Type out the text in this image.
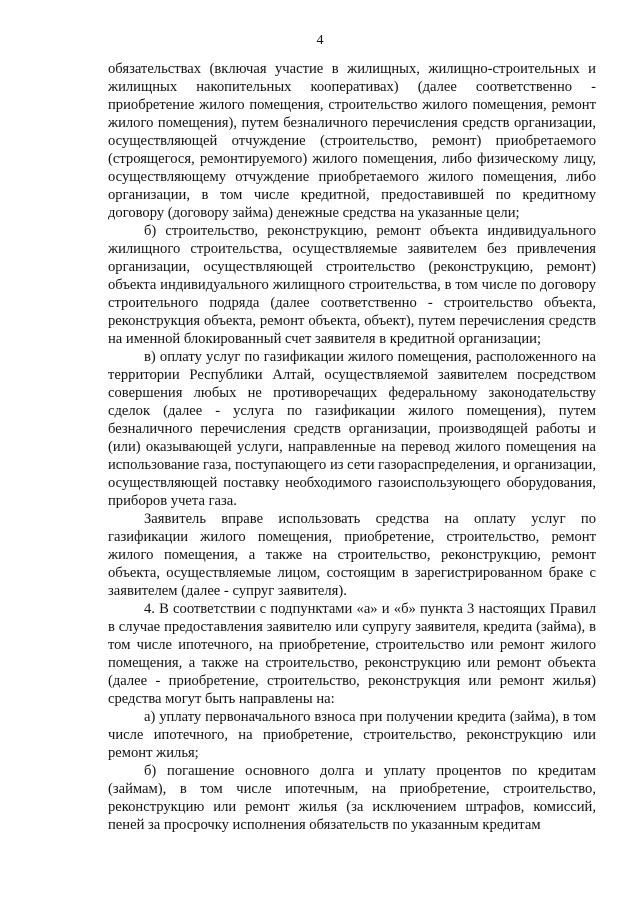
4

обязательствах (включая участие в жилищных, жилищно-строительных и жилищных накопительных кооперативах) (далее соответственно - приобретение жилого помещения, строительство жилого помещения, ремонт жилого помещения), путем безналичного перечисления средств организации, осуществляющей отчуждение (строительство, ремонт) приобретаемого (строящегося, ремонтируемого) жилого помещения, либо физическому лицу, осуществляющему отчуждение приобретаемого жилого помещения, либо организации, в том числе кредитной, предоставившей по кредитному договору (договору займа) денежные средства на указанные цели;

б) строительство, реконструкцию, ремонт объекта индивидуального жилищного строительства, осуществляемые заявителем без привлечения организации, осуществляющей строительство (реконструкцию, ремонт) объекта индивидуального жилищного строительства, в том числе по договору строительного подряда (далее соответственно - строительство объекта, реконструкция объекта, ремонт объекта, объект), путем перечисления средств на именной блокированный счет заявителя в кредитной организации;

в) оплату услуг по газификации жилого помещения, расположенного на территории Республики Алтай, осуществляемой заявителем посредством совершения любых не противоречащих федеральному законодательству сделок (далее - услуга по газификации жилого помещения), путем безналичного перечисления средств организации, производящей работы и (или) оказывающей услуги, направленные на перевод жилого помещения на использование газа, поступающего из сети газораспределения, и организации, осуществляющей поставку необходимого газоиспользующего оборудования, приборов учета газа.

Заявитель вправе использовать средства на оплату услуг по газификации жилого помещения, приобретение, строительство, ремонт жилого помещения, а также на строительство, реконструкцию, ремонт объекта, осуществляемые лицом, состоящим в зарегистрированном браке с заявителем (далее - супруг заявителя).

4. В соответствии с подпунктами «а» и «б» пункта 3 настоящих Правил в случае предоставления заявителю или супругу заявителя, кредита (займа), в том числе ипотечного, на приобретение, строительство или ремонт жилого помещения, а также на строительство, реконструкцию или ремонт объекта (далее - приобретение, строительство, реконструкция или ремонт жилья) средства могут быть направлены на:

а) уплату первоначального взноса при получении кредита (займа), в том числе ипотечного, на приобретение, строительство, реконструкцию или ремонт жилья;

б) погашение основного долга и уплату процентов по кредитам (займам), в том числе ипотечным, на приобретение, строительство, реконструкцию или ремонт жилья (за исключением штрафов, комиссий, пеней за просрочку исполнения обязательств по указанным кредитам
